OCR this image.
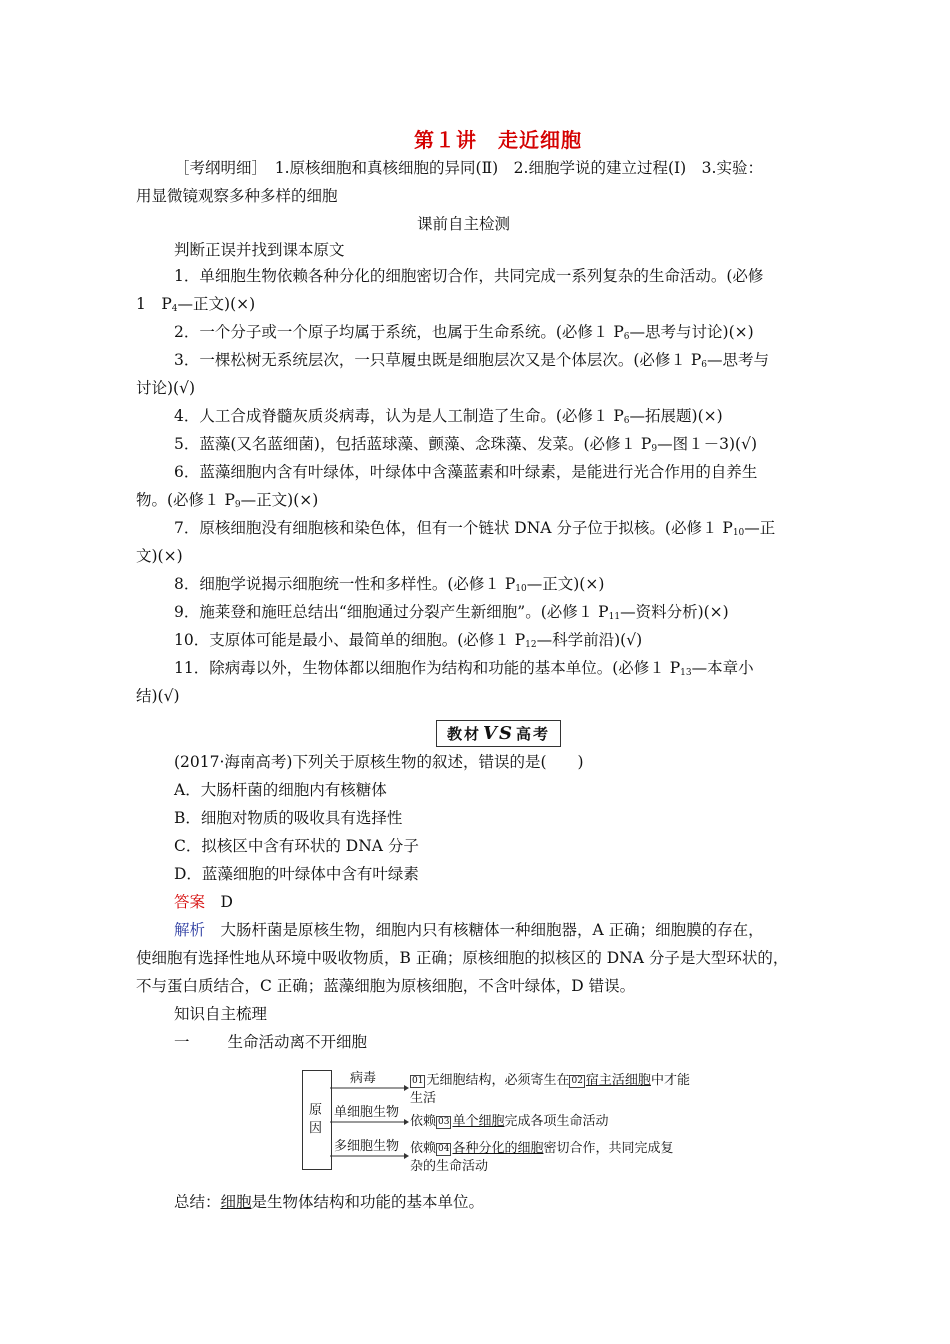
第１讲　走近细胞
［考纲明细］　1.原核细胞和真核细胞的异同(Ⅱ)　2.细胞学说的建立过程(Ⅰ)　3.实验：
用显微镜观察多种多样的细胞
课前自主检测
判断正误并找到课本原文
1．单细胞生物依赖各种分化的细胞密切合作，共同完成一系列复杂的生命活动。(必修
1　$P_4—$正文)(×)
2．一个分子或一个原子均属于系统，也属于生命系统。(必修１ $P_6—$思考与讨论)(×)
3．一棵松树无系统层次，一只草履虫既是细胞层次又是个体层次。(必修１ $P_6—$思考与
讨论)(√)
4．人工合成脊髓灰质炎病毒，认为是人工制造了生命。(必修１ $P_6—$拓展题)(×)
5．蓝藻(又名蓝细菌)，包括蓝球藻、颤藻、念珠藻、发菜。(必修１ $P_9—$图１－3)(√)
6．蓝藻细胞内含有叶绿体，叶绿体中含藻蓝素和叶绿素，是能进行光合作用的自养生
物。(必修１ $P_9—$正文)(×)
7．原核细胞没有细胞核和染色体，但有一个链状 DNA 分子位于拟核。(必修１ $P_{10}—$正
文)(×)
8．细胞学说揭示细胞统一性和多样性。(必修１ $P_{10}—$正文)(×)
9．施莱登和施旺总结出“细胞通过分裂产生新细胞”。(必修１ $P_{11}—$资料分析)(×)
10．支原体可能是最小、最简单的细胞。(必修１ $P_{12}—$科学前沿)(√)
11．除病毒以外，生物体都以细胞作为结构和功能的基本单位。(必修１ $P_{13}—$本章小
结)(√)
教材 VS 高考
(2017·海南高考)下列关于原核生物的叙述，错误的是(　　)
A．大肠杆菌的细胞内有核糖体
B．细胞对物质的吸收具有选择性
C．拟核区中含有环状的 DNA 分子
D．蓝藻细胞的叶绿体中含有叶绿素
答案　 D
解析　 大肠杆菌是原核生物，细胞内只有核糖体一种细胞器，A 正确；细胞膜的存在，
使细胞有选择性地从环境中吸收物质，B 正确；原核细胞的拟核区的 DNA 分子是大型环状的，
不与蛋白质结合，C 正确；蓝藻细胞为原核细胞，不含叶绿体，D 错误。
知识自主梳理
一 生命活动离不开细胞
原
因
病毒
单细胞生物
多细胞生物
01 无细胞结构，必须寄生在 02 宿主活细胞中才能
生活
依赖 03 单个细胞完成各项生命活动
依赖 04 各种分化的细胞密切合作，共同完成复
杂的生命活动
总结：细胞是生物体结构和功能的基本单位。
